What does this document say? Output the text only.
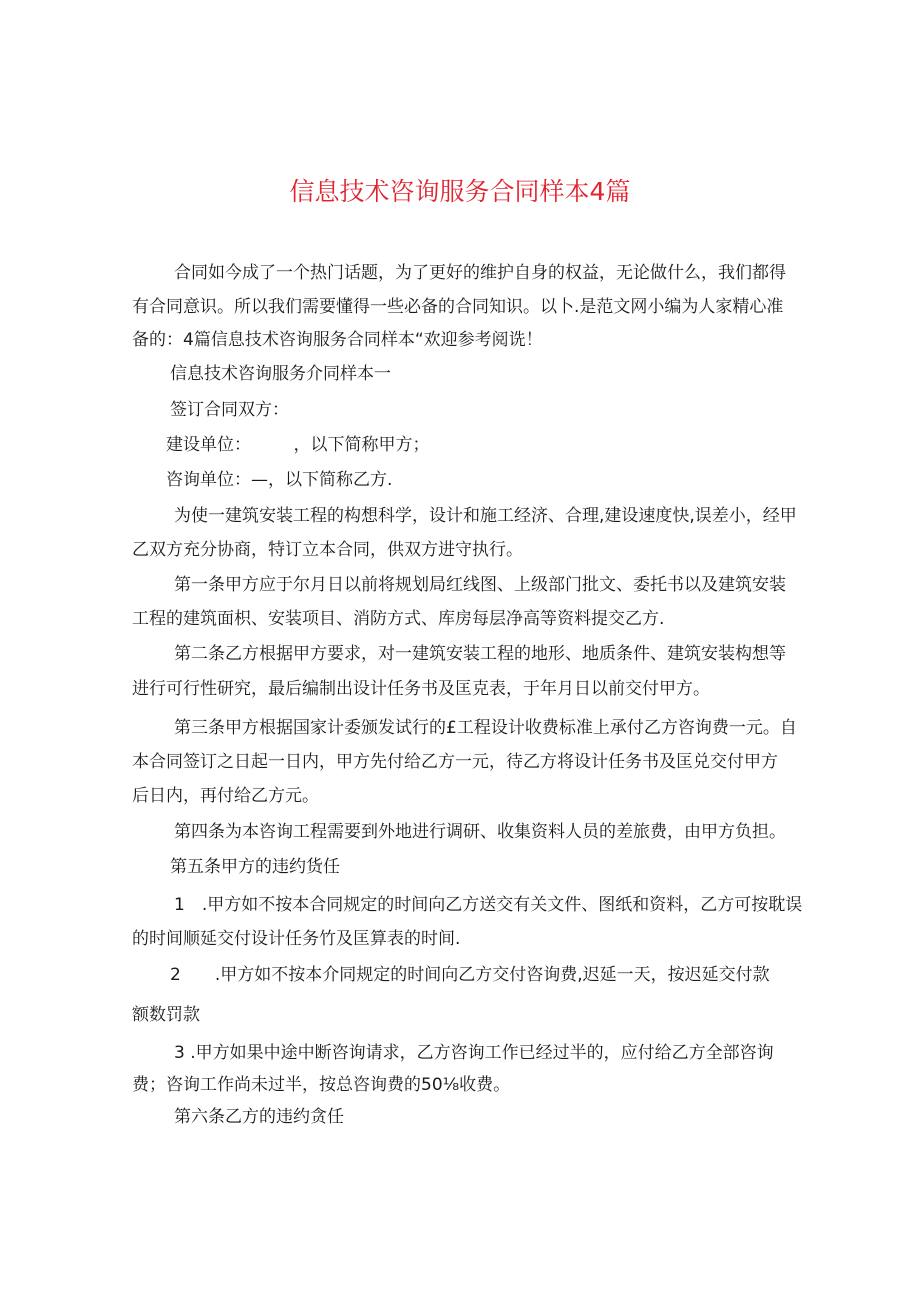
信息技术咨询服务合同样本4篇

合同如今成了一个热门话题，为了更好的维护自身的权益，无论做什么，我们都得

有合同意识。所以我们需要懂得一些必备的合同知识。以卜.是范文网小编为人家精心准

备的：4篇信息技术咨询服务合同样本“欢迎参考阅诜！

信息技术咨询服务介同样本一

签订合同双方：

建设单位：　　　，以下简称甲方；

咨询单位：—，以下简称乙方.

为使一建筑安装工程的构想科学，设计和施工经济、合理,建设速度快,误差小，经甲

乙双方充分协商，特订立本合同，供双方进守执行。

第一条甲方应于尔月日以前将规划局红线图、上级部门批文、委托书以及建筑安装

工程的建筑面枳、安装项目、消防方式、库房每层净高等资料提交乙方.

第二条乙方根据甲方要求，对一建筑安装工程的地形、地质条件、建筑安装构想等

进行可行性研究，最后编制出设计任务书及匡克表，于年月日以前交付甲方。

第三条甲方根据国家计委颁发试行的£工程设计收费标准上承付乙方咨询费一元。自

本合同签订之日起一日内，甲方先付给乙方一元，待乙方将设计任务书及匡兑交付甲方

后日内，再付给乙方元。

第四条为本咨询工程需要到外地进行调研、收集资料人员的差旅费，由甲方负担。

第五条甲方的违约货任

1　.甲方如不按本合同规定的时间向乙方送交有关文件、图纸和资料，乙方可按耽误

的时间顺延交付设计任务竹及匡算表的时间.

2　　.甲方如不按本介同规定的时间向乙方交付咨询费,迟延一天，按迟延交付款

额数罚款

3 .甲方如果中途中断咨询请求，乙方咨询工作已经过半的，应付给乙方全部咨询

费；咨询工作尚未过半，按总咨询费的50⅛收费。

第六条乙方的违约贪任
